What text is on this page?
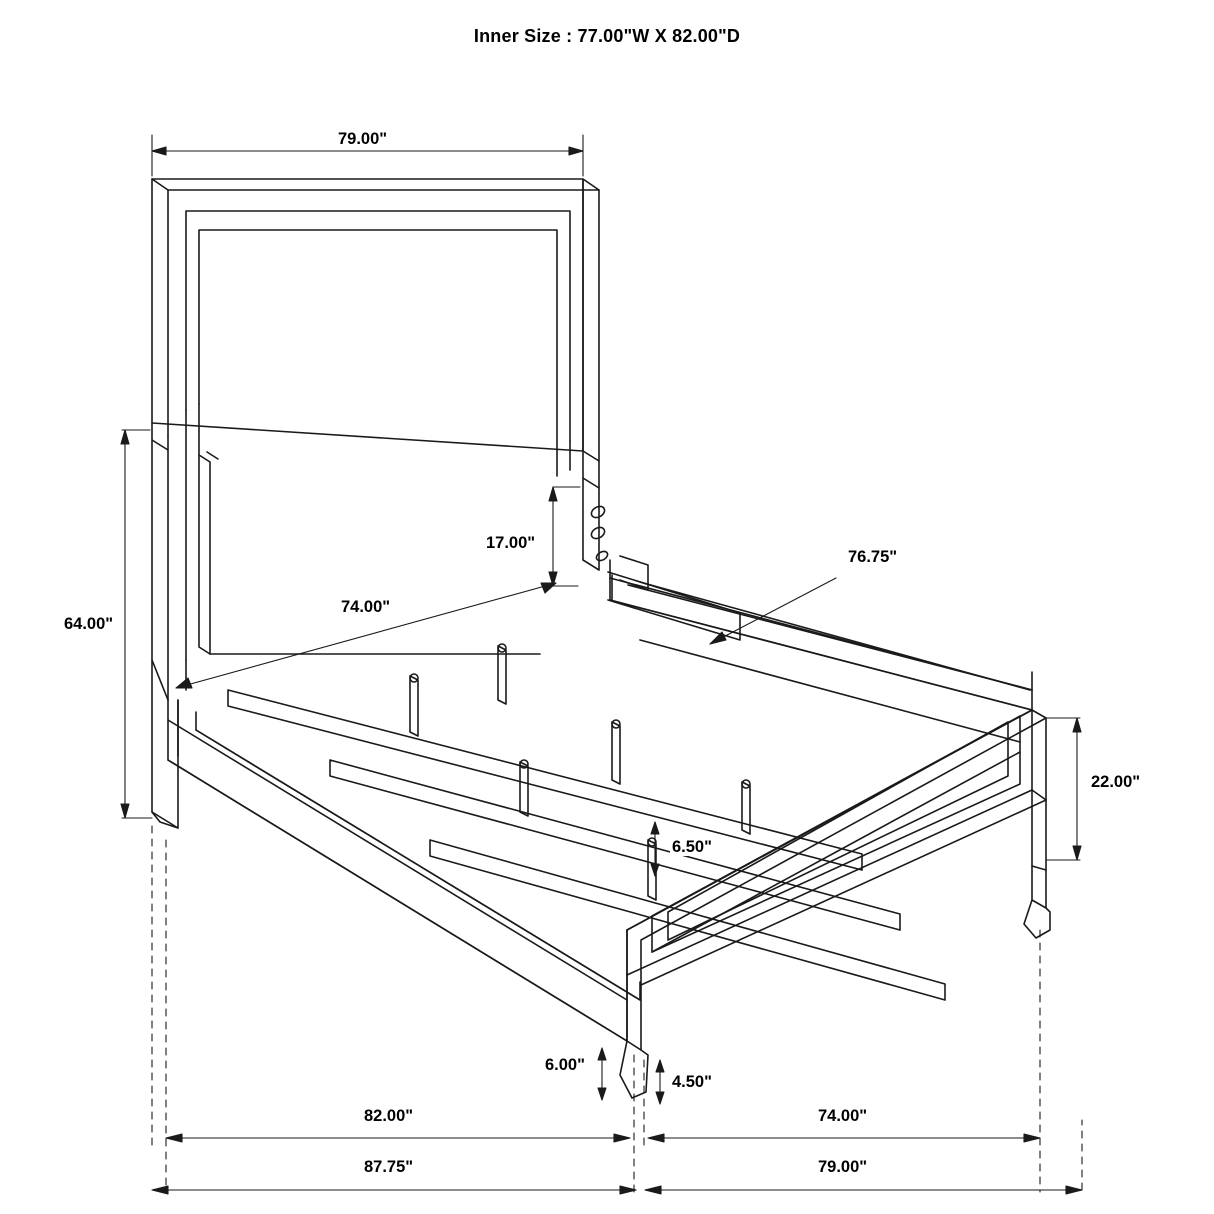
Inner Size : 77.00"W X 82.00"D
79.00"
64.00"
17.00"
74.00"
76.75"
22.00"
6.50"
6.00"
4.50"
82.00"	74.00"
87.75"	79.00"
